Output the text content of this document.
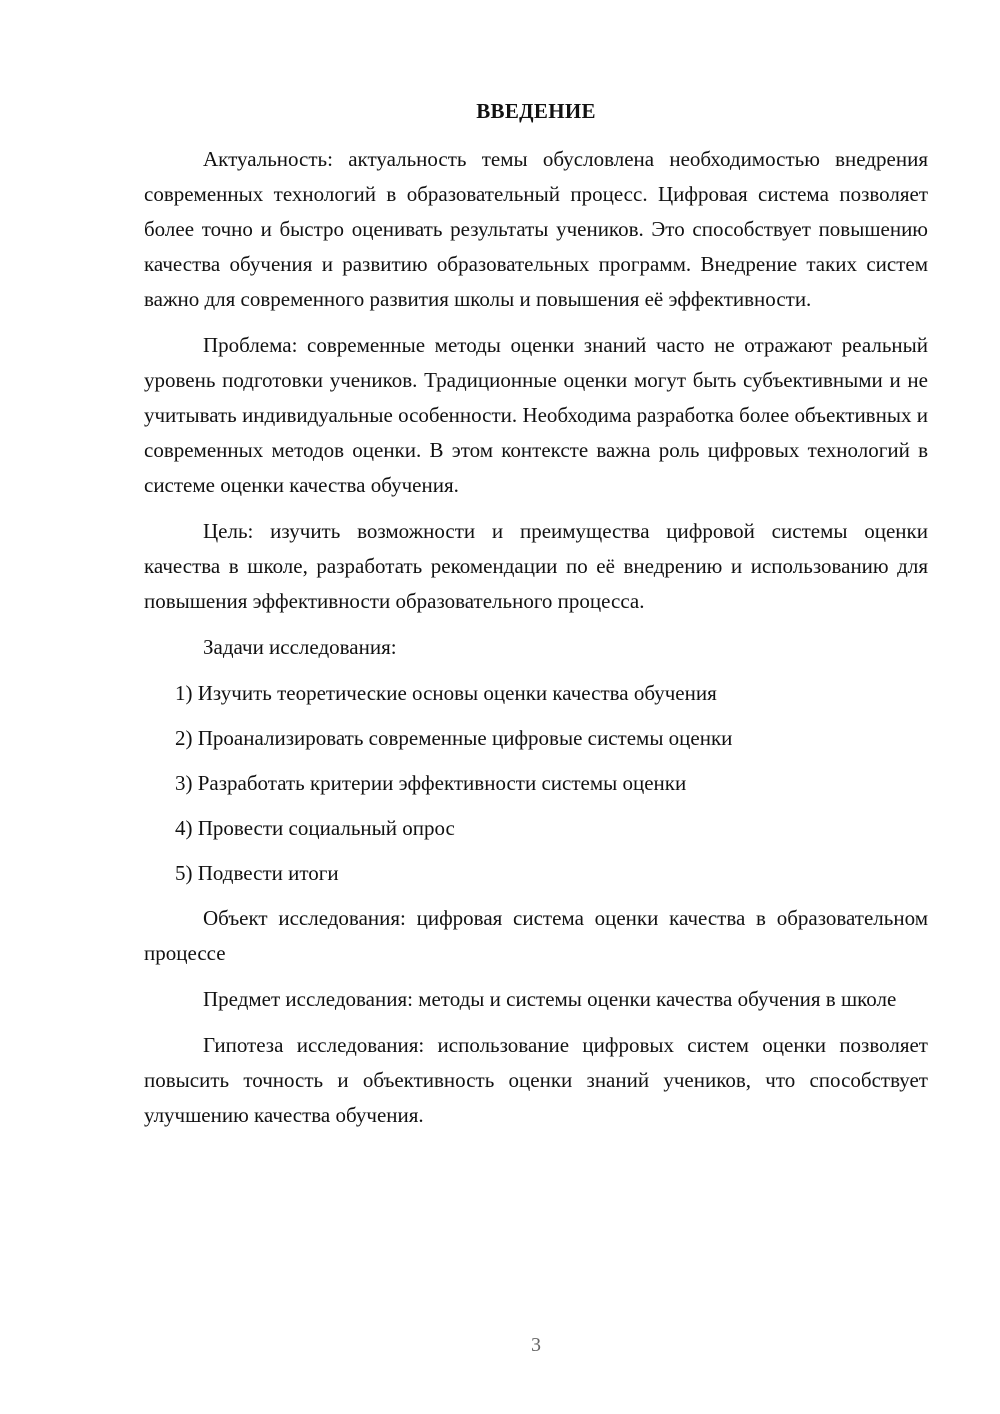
ВВЕДЕНИЕ

Актуальность: актуальность темы обусловлена необходимостью внедрения современных технологий в образовательный процесс. Цифровая система позволяет более точно и быстро оценивать результаты учеников. Это способствует повышению качества обучения и развитию образовательных программ. Внедрение таких систем важно для современного развития школы и повышения её эффективности.

Проблема: современные методы оценки знаний часто не отражают реальный уровень подготовки учеников. Традиционные оценки могут быть субъективными и не учитывать индивидуальные особенности. Необходима разработка более объективных и современных методов оценки. В этом контексте важна роль цифровых технологий в системе оценки качества обучения.

Цель: изучить возможности и преимущества цифровой системы оценки качества в школе, разработать рекомендации по её внедрению и использованию для повышения эффективности образовательного процесса.

Задачи исследования:
1) Изучить теоретические основы оценки качества обучения
2) Проанализировать современные цифровые системы оценки
3) Разработать критерии эффективности системы оценки
4) Провести социальный опрос
5) Подвести итоги

Объект исследования: цифровая система оценки качества в образовательном процессе

Предмет исследования: методы и системы оценки качества обучения в школе

Гипотеза исследования: использование цифровых систем оценки позволяет повысить точность и объективность оценки знаний учеников, что способствует улучшению качества обучения.

3
